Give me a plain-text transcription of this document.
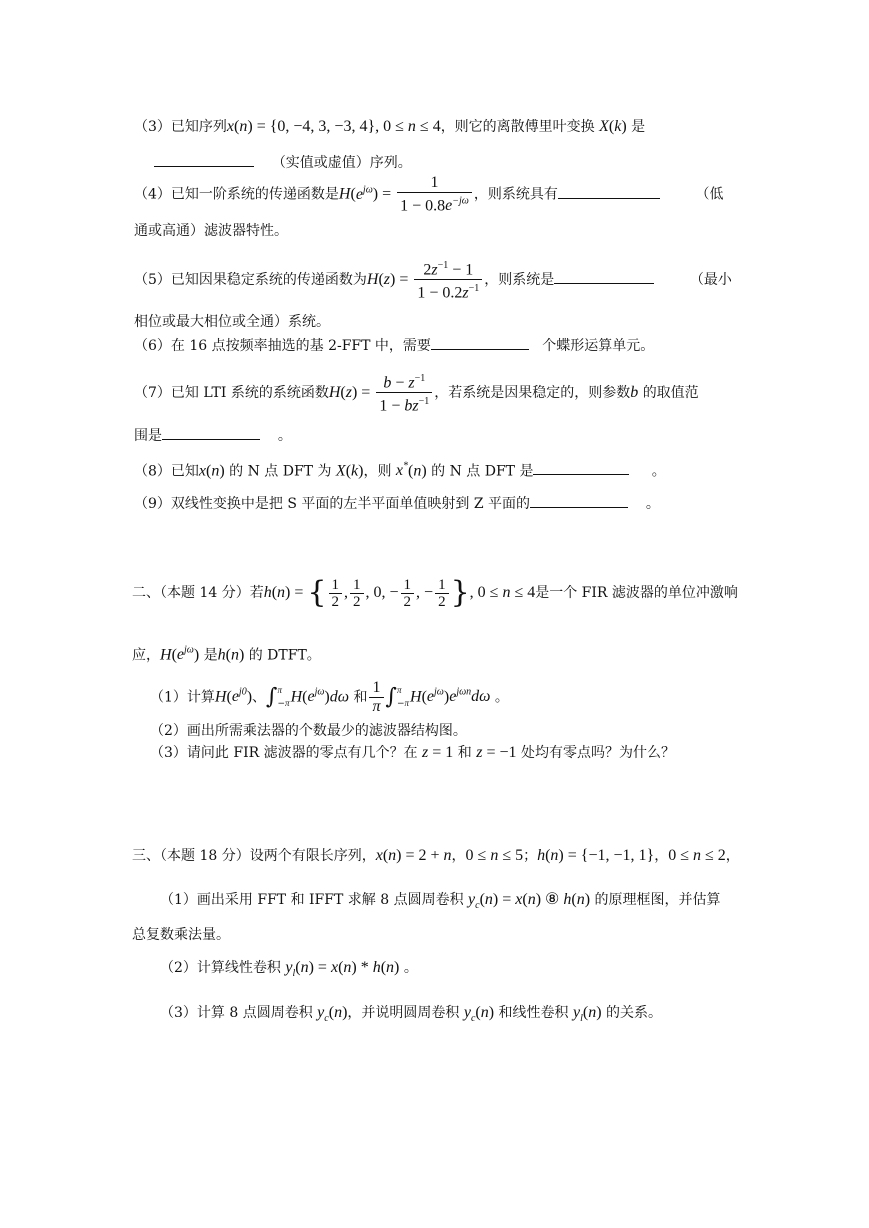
（3）已知序列x(n) = {0, −4, 3, −3, 4}, 0 ≤ n ≤ 4，则它的离散傅里叶变换 X(k) 是
（实值或虚值）序列。
（4）已知一阶系统的传递函数是$H(e^{j\omega}) = \frac{1}{1 - 0.8e^{-j\omega}}$ ，则系统具有	（低
通或高通）滤波器特性。
（5）已知因果稳定系统的传递函数为$H(z) = \frac{2z^{-1} - 1}{1 - 0.2z^{-1}}$ ，则系统是	（最小
相位或最大相位或全通）系统。
（6）在 16 点按频率抽选的基 2-FFT 中，需要	个蝶形运算单元。
（7）已知 LTI 系统的系统函数$H(z) = \frac{b - z^{-1}}{1 - bz^{-1}}$ ，若系统是因果稳定的，则参数b 的取值范
围是	。
（8）已知x(n) 的 N 点 DFT 为 X(k)，则 x*(n) 的 N 点 DFT 是	。
（9）双线性变换中是把 S 平面的左半平面单值映射到 Z 平面的	。
二、（本题 14 分）若h(n) = { $\frac{1}{2}$ , $\frac{1}{2}$ , 0, − $\frac{1}{2}$ , − $\frac{1}{2}$ }, 0 ≤ n ≤ 4是一个 FIR 滤波器的单位冲激响
应，$H(e^{j\omega})$ 是h(n) 的 DTFT。
（1）计算$H(e^{j0})$、∫π
$-\pi H(e^{j\omega})d\omega$ 和 $\frac{1}{\pi} \int\pi$
$-\pi H(e^{j\omega})e^{j\omega n}d\omega$ 。
（2）画出所需乘法器的个数最少的滤波器结构图。
（3）请问此 FIR 滤波器的零点有几个？在 z = 1 和 z = −1 处均有零点吗？为什么？
三、（本题 18 分）设两个有限长序列，x(n) = 2 + n，0 ≤ n ≤ 5；h(n) = {−1, −1, 1}，0 ≤ n ≤ 2，
（1）画出采用 FFT 和 IFFT 求解 8 点圆周卷积 $y_c(n) = x(n)$ ⑧ h(n) 的原理框图，并估算
总复数乘法量。
（2）计算线性卷积 $y_l(n) = x(n) * h(n)$ 。
（3）计算 8 点圆周卷积 $y_c(n)$，并说明圆周卷积 $y_c(n)$ 和线性卷积 $y_l(n)$ 的关系。
